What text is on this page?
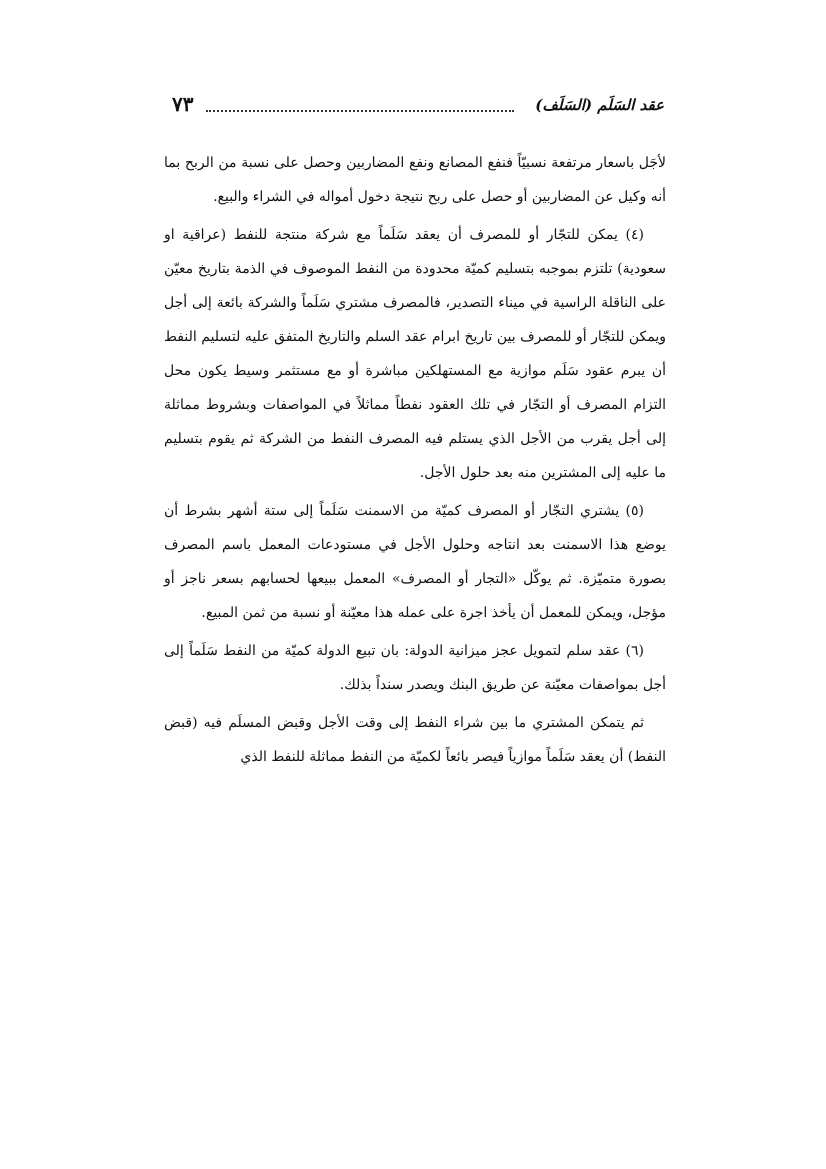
عقد السَلَم (السَلَف)
٧٣

لأجَل باسعار مرتفعة نسبيّاً فنفع المصانع ونفع المضاربين وحصل على نسبة من الربح بما أنه وكيل عن المضاربين أو حصل على ربح نتيجة دخول أمواله في الشراء والبيع.

(٤) يمكن للتجّار أو للمصرف أن يعقد سَلَماً مع شركة منتجة للنفط (عراقية او سعودية) تلتزم بموجبه بتسليم كميّة محدودة من النفط الموصوف في الذمة بتاريخ معيّن على الناقلة الراسية في ميناء التصدير، فالمصرف مشتري سَلَماً والشركة بائعة إلى أجل ويمكن للتجّار أو للمصرف بين تاريخ ابرام عقد السلم والتاريخ المتفق عليه لتسليم النفط أن يبرم عقود سَلَم موازية مع المستهلكين مباشرة أو مع مستثمر وسيط يكون محل التزام المصرف أو التجّار في تلك العقود نفطاً مماثلاً في المواصفات وبشروط مماثلة إلى أجل يقرب من الأجل الذي يستلم فيه المصرف النفط من الشركة ثم يقوم بتسليم ما عليه إلى المشترين منه بعد حلول الأجل.

(٥) يشتري التجّار أو المصرف كميّة من الاسمنت سَلَماً إلى ستة أشهر بشرط أن يوضع هذا الاسمنت بعد انتاجه وحلول الأجل في مستودعات المعمل باسم المصرف بصورة متميّزة. ثم يوكّل «التجار أو المصرف» المعمل ببيعها لحسابهم بسعر ناجز أو مؤجل، ويمكن للمعمل أن يأخذ اجرة على عمله هذا معيّنة أو نسبة من ثمن المبيع.

(٦) عقد سلم لتمويل عجز ميزانية الدولة: بان تبيع الدولة كميّة من النفط سَلَماً إلى أجل بمواصفات معيّنة عن طريق البنك ويصدر سنداً بذلك.

ثم يتمكن المشتري ما بين شراء النفط إلى وقت الأجل وقبض المسلَم فيه (قبض النفط) أن يعقد سَلَماً موازياً فيصر بائعاً لكميّة من النفط مماثلة للنفط الذي
